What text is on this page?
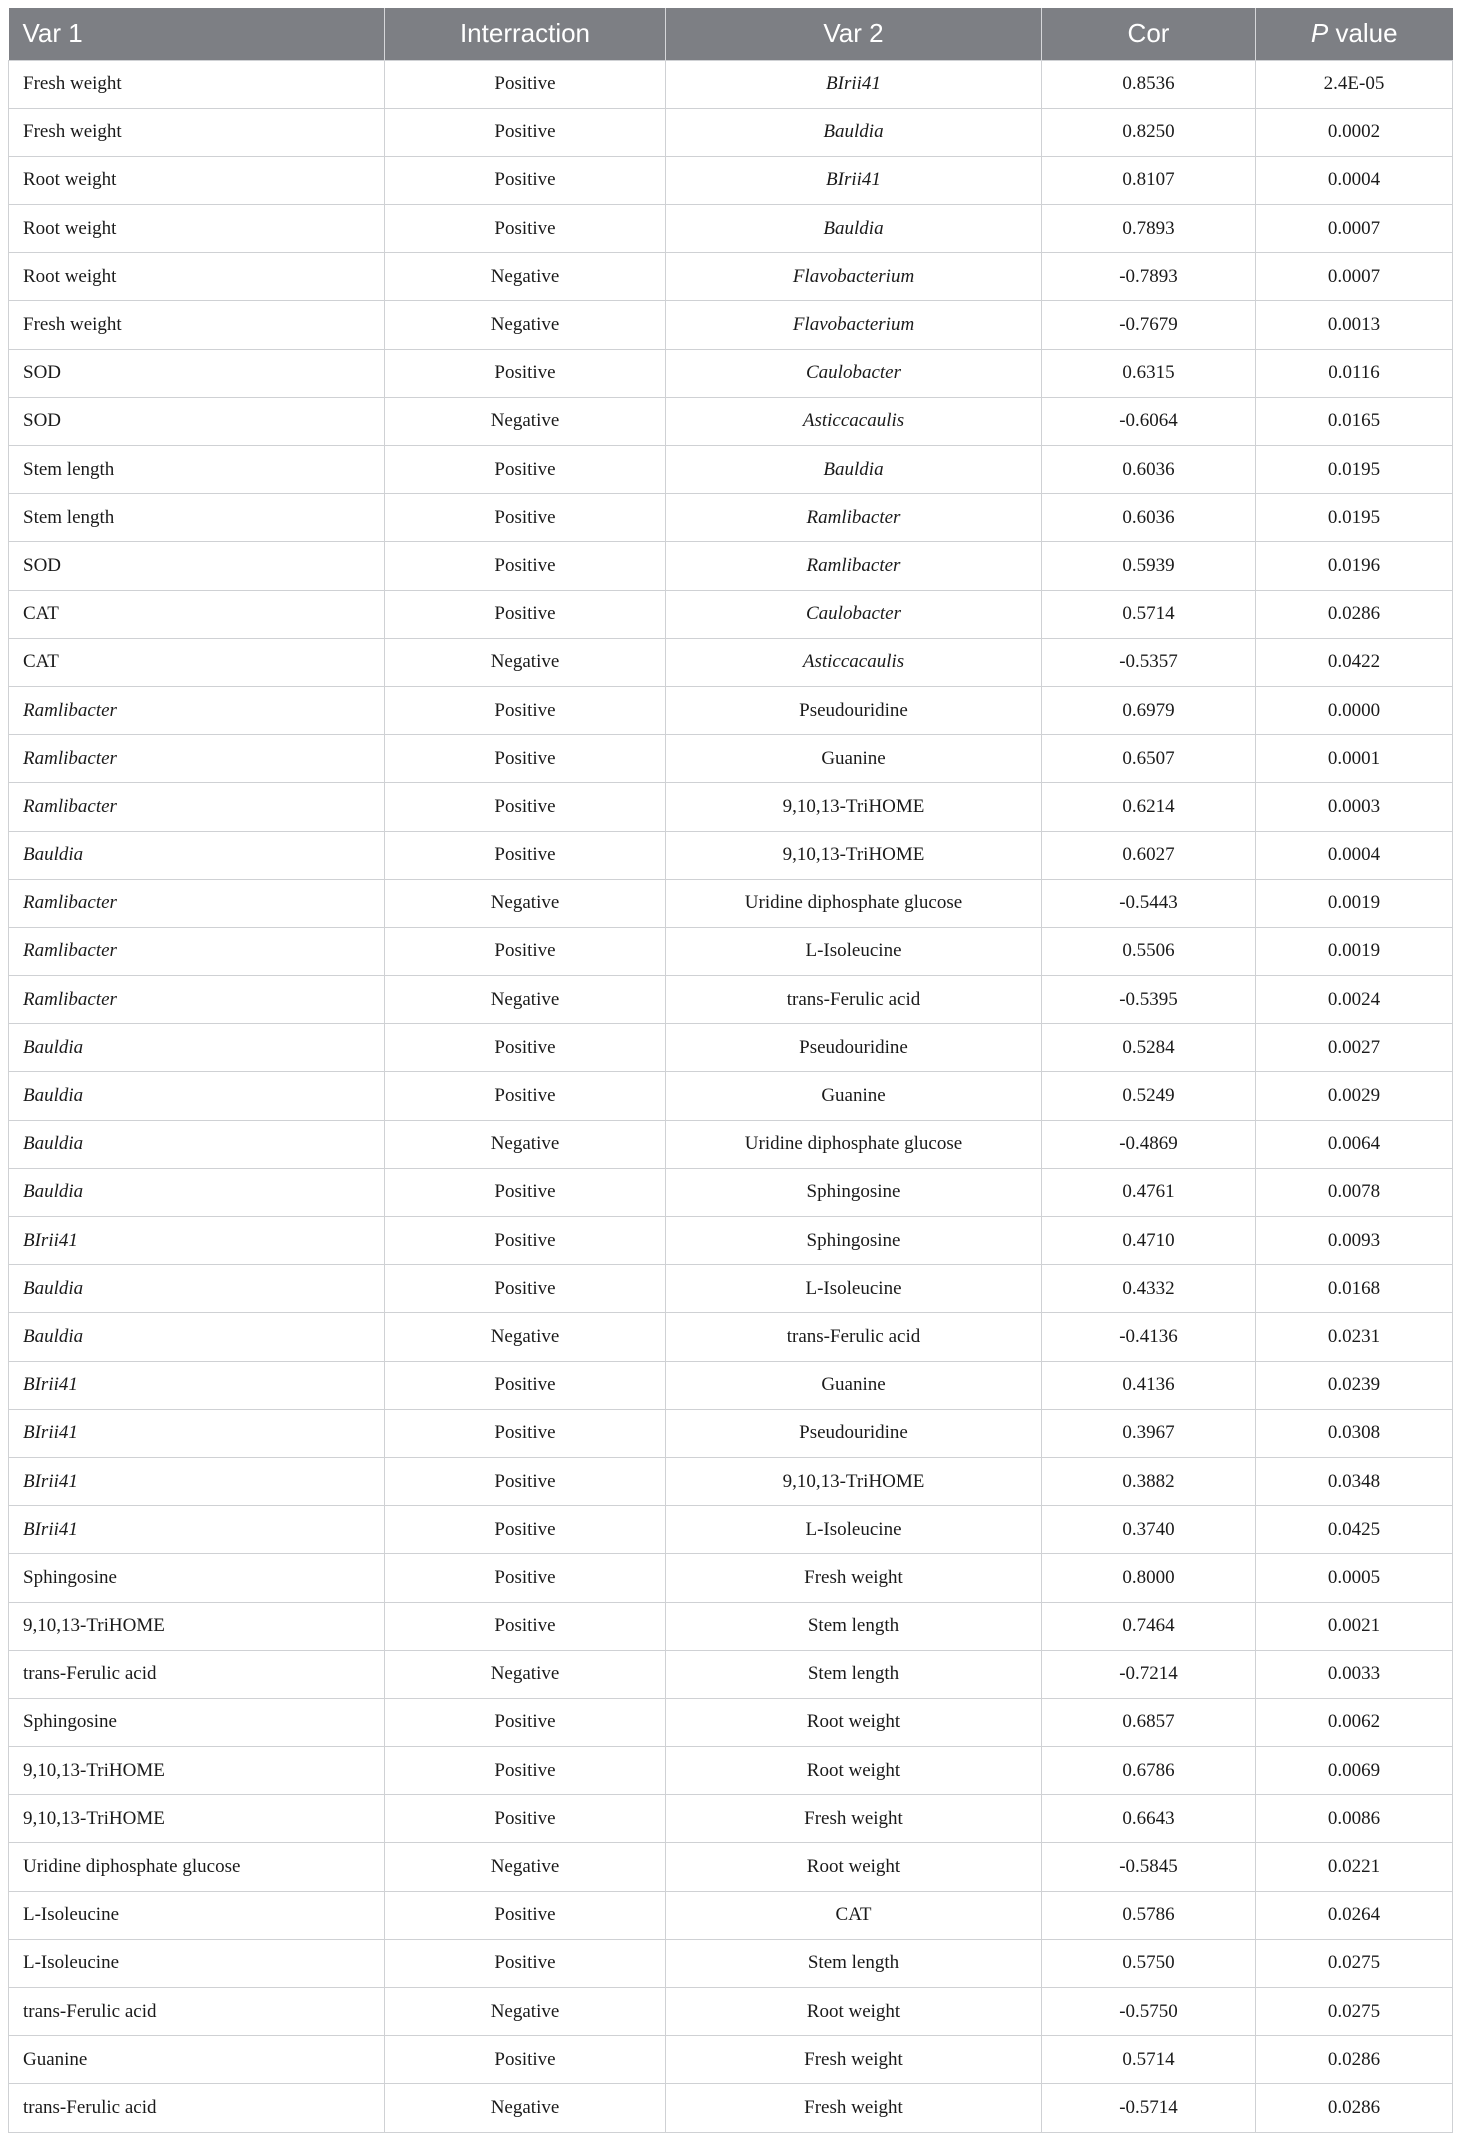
Var 1	Interraction	Var 2	Cor	P value
Fresh weight	Positive	BIrii41	0.8536	2.4E-05
Fresh weight	Positive	Bauldia	0.8250	0.0002
Root weight	Positive	BIrii41	0.8107	0.0004
Root weight	Positive	Bauldia	0.7893	0.0007
Root weight	Negative	Flavobacterium	-0.7893	0.0007
Fresh weight	Negative	Flavobacterium	-0.7679	0.0013
SOD	Positive	Caulobacter	0.6315	0.0116
SOD	Negative	Asticcacaulis	-0.6064	0.0165
Stem length	Positive	Bauldia	0.6036	0.0195
Stem length	Positive	Ramlibacter	0.6036	0.0195
SOD	Positive	Ramlibacter	0.5939	0.0196
CAT	Positive	Caulobacter	0.5714	0.0286
CAT	Negative	Asticcacaulis	-0.5357	0.0422
Ramlibacter	Positive	Pseudouridine	0.6979	0.0000
Ramlibacter	Positive	Guanine	0.6507	0.0001
Ramlibacter	Positive	9,10,13-TriHOME	0.6214	0.0003
Bauldia	Positive	9,10,13-TriHOME	0.6027	0.0004
Ramlibacter	Negative	Uridine diphosphate glucose	-0.5443	0.0019
Ramlibacter	Positive	L-Isoleucine	0.5506	0.0019
Ramlibacter	Negative	trans-Ferulic acid	-0.5395	0.0024
Bauldia	Positive	Pseudouridine	0.5284	0.0027
Bauldia	Positive	Guanine	0.5249	0.0029
Bauldia	Negative	Uridine diphosphate glucose	-0.4869	0.0064
Bauldia	Positive	Sphingosine	0.4761	0.0078
BIrii41	Positive	Sphingosine	0.4710	0.0093
Bauldia	Positive	L-Isoleucine	0.4332	0.0168
Bauldia	Negative	trans-Ferulic acid	-0.4136	0.0231
BIrii41	Positive	Guanine	0.4136	0.0239
BIrii41	Positive	Pseudouridine	0.3967	0.0308
BIrii41	Positive	9,10,13-TriHOME	0.3882	0.0348
BIrii41	Positive	L-Isoleucine	0.3740	0.0425
Sphingosine	Positive	Fresh weight	0.8000	0.0005
9,10,13-TriHOME	Positive	Stem length	0.7464	0.0021
trans-Ferulic acid	Negative	Stem length	-0.7214	0.0033
Sphingosine	Positive	Root weight	0.6857	0.0062
9,10,13-TriHOME	Positive	Root weight	0.6786	0.0069
9,10,13-TriHOME	Positive	Fresh weight	0.6643	0.0086
Uridine diphosphate glucose	Negative	Root weight	-0.5845	0.0221
L-Isoleucine	Positive	CAT	0.5786	0.0264
L-Isoleucine	Positive	Stem length	0.5750	0.0275
trans-Ferulic acid	Negative	Root weight	-0.5750	0.0275
Guanine	Positive	Fresh weight	0.5714	0.0286
trans-Ferulic acid	Negative	Fresh weight	-0.5714	0.0286
